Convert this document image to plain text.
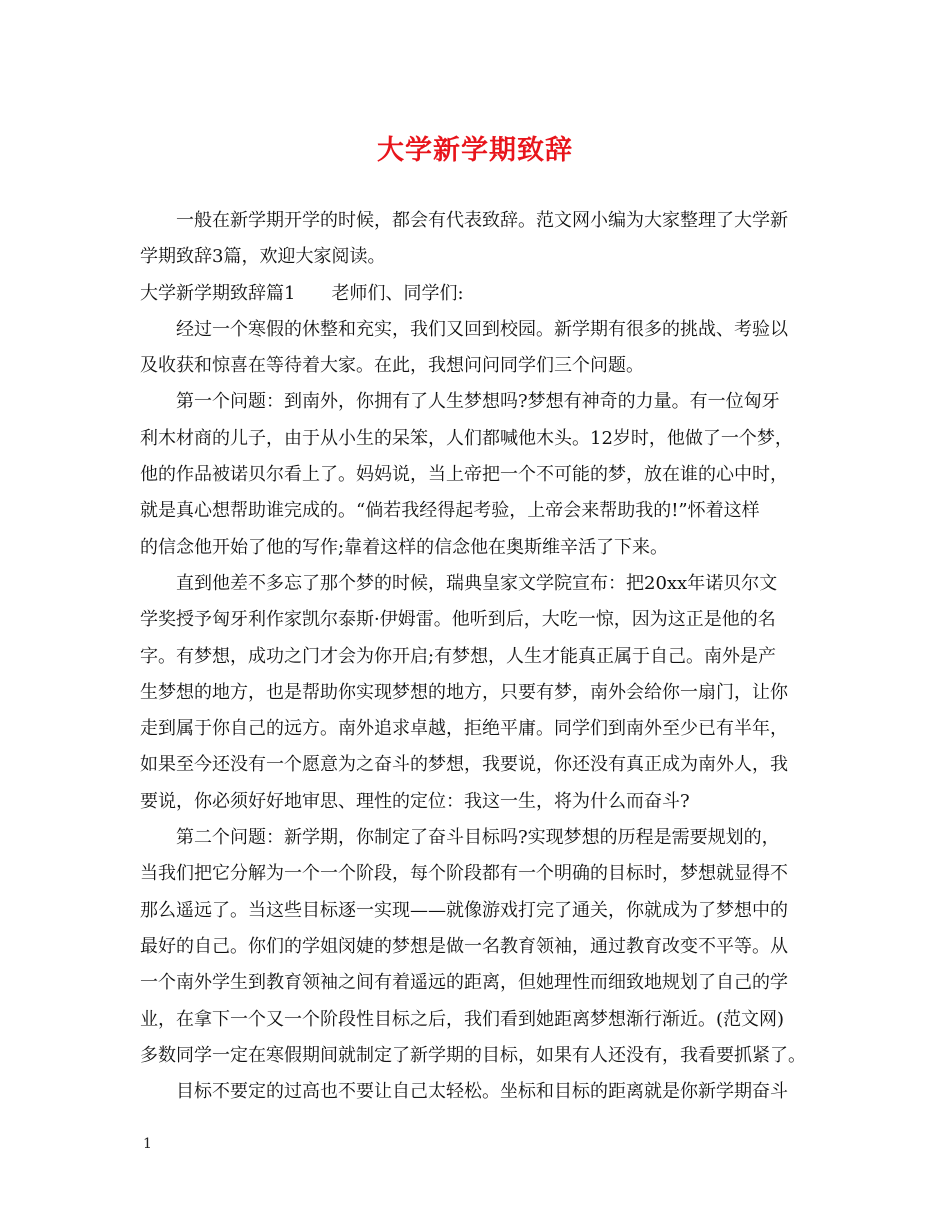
大学新学期致辞
一般在新学期开学的时候，都会有代表致辞。范文网小编为大家整理了大学新
学期致辞3篇，欢迎大家阅读。
大学新学期致辞篇1　　老师们、同学们:
经过一个寒假的休整和充实，我们又回到校园。新学期有很多的挑战、考验以
及收获和惊喜在等待着大家。在此，我想问问同学们三个问题。
第一个问题：到南外，你拥有了人生梦想吗?梦想有神奇的力量。有一位匈牙
利木材商的儿子，由于从小生的呆笨，人们都喊他木头。12岁时，他做了一个梦，
他的作品被诺贝尔看上了。妈妈说，当上帝把一个不可能的梦，放在谁的心中时，
就是真心想帮助谁完成的。“倘若我经得起考验，上帝会来帮助我的!”怀着这样
的信念他开始了他的写作;靠着这样的信念他在奥斯维辛活了下来。
直到他差不多忘了那个梦的时候，瑞典皇家文学院宣布：把20xx年诺贝尔文
学奖授予匈牙利作家凯尔泰斯·伊姆雷。他听到后，大吃一惊，因为这正是他的名
字。有梦想，成功之门才会为你开启;有梦想，人生才能真正属于自己。南外是产
生梦想的地方，也是帮助你实现梦想的地方，只要有梦，南外会给你一扇门，让你
走到属于你自己的远方。南外追求卓越，拒绝平庸。同学们到南外至少已有半年，
如果至今还没有一个愿意为之奋斗的梦想，我要说，你还没有真正成为南外人，我
要说，你必须好好地审思、理性的定位：我这一生，将为什么而奋斗?
第二个问题：新学期，你制定了奋斗目标吗?实现梦想的历程是需要规划的，
当我们把它分解为一个一个阶段，每个阶段都有一个明确的目标时，梦想就显得不
那么遥远了。当这些目标逐一实现——就像游戏打完了通关，你就成为了梦想中的
最好的自己。你们的学姐闵婕的梦想是做一名教育领袖，通过教育改变不平等。从
一个南外学生到教育领袖之间有着遥远的距离，但她理性而细致地规划了自己的学
业，在拿下一个又一个阶段性目标之后，我们看到她距离梦想渐行渐近。(范文网)
多数同学一定在寒假期间就制定了新学期的目标，如果有人还没有，我看要抓紧了。
目标不要定的过高也不要让自己太轻松。坐标和目标的距离就是你新学期奋斗
1
